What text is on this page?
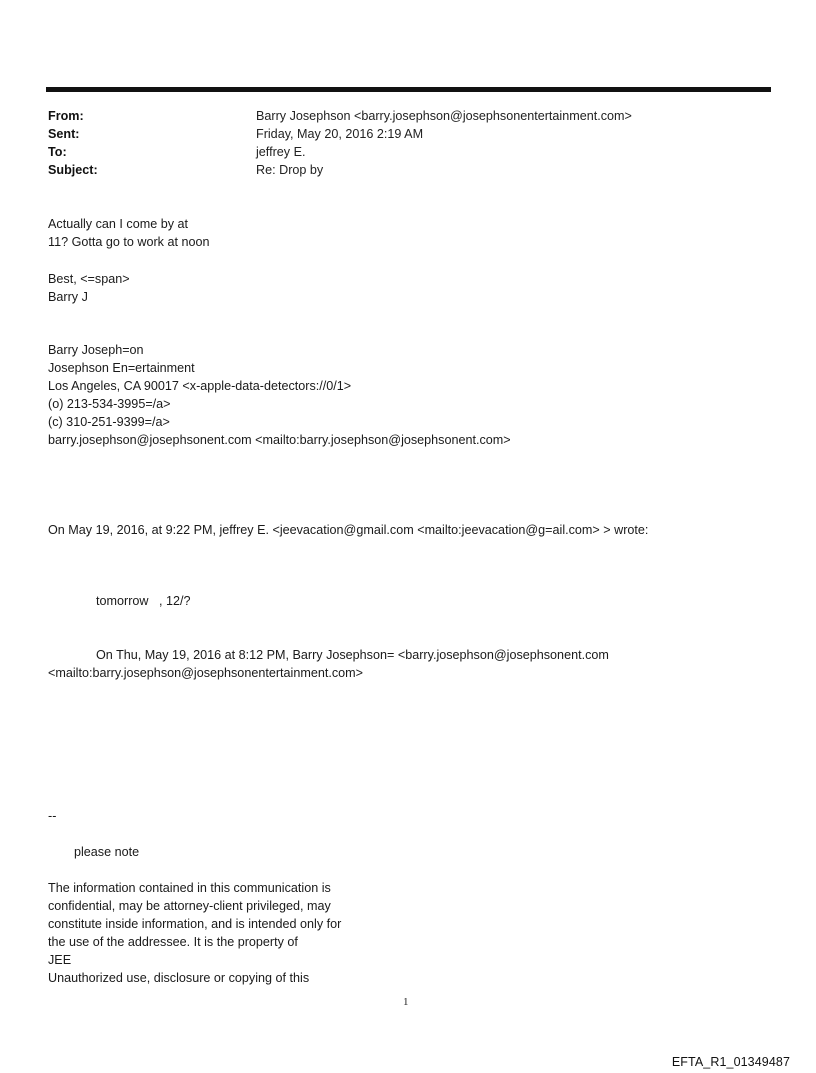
From:	Barry Josephson <barry.josephson@josephsonentertainment.com>
Sent:	Friday, May 20, 2016 2:19 AM
To:	jeffrey E.
Subject:	Re: Drop by
Actually can I come by at
11? Gotta go to work at noon
Best, <=span>
Barry J
Barry Joseph=on
Josephson En=ertainment
Los Angeles, CA 90017 <x-apple-data-detectors://0/1>
(o) 213-534-3995=/a>
(c) 310-251-9399=/a>
barry.josephson@josephsonent.com <mailto:barry.josephson@josephsonent.com>
On May 19, 2016, at 9:22 PM, jeffrey E. <jeevacation@gmail.com <mailto:jeevacation@g=ail.com> > wrote:
tomorrow   , 12/?
On Thu, May 19, 2016 at 8:12 PM, Barry Josephson= <barry.josephson@josephsonent.com
<mailto:barry.josephson@josephsonentertainment.com>
--
please note
The information contained in this communication is
confidential, may be attorney-client privileged, may
constitute inside information, and is intended only for
the use of the addressee. It is the property of
JEE
Unauthorized use, disclosure or copying of this
1
EFTA_R1_01349487
